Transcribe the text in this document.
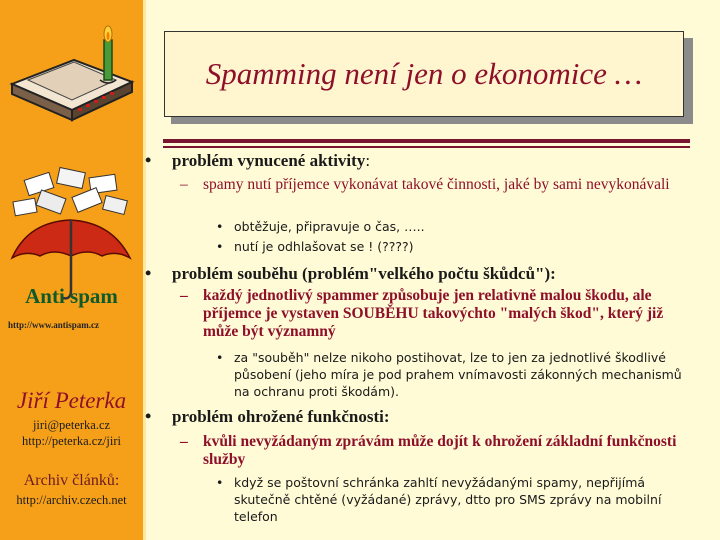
Anti spam
http://www.antispam.cz
Jiří Peterka
jiri@peterka.cz
http://peterka.cz/jiri
Archiv článků:
http://archiv.czech.net
Spamming není jen o ekonomice …
• problém vynucené aktivity:
– spamy nutí příjemce vykonávat takové činnosti, jaké by sami nevykonávali
• obtěžuje, připravuje o čas, …..
• nutí je odhlašovat se ! (????)
• problém souběhu (problém"velkého počtu škůdců"):
– každý jednotlivý spammer způsobuje jen relativně malou škodu, ale příjemce je vystaven SOUBĚHU takovýchto "malých škod", který již může být významný
• za "souběh" nelze nikoho postihovat, lze to jen za jednotlivé škodlivé působení (jeho míra je pod prahem vnímavosti zákonných mechanismů na ochranu proti škodám).
• problém ohrožené funkčnosti:
– kvůli nevyžádaným zprávám může dojít k ohrožení základní funkčnosti služby
• když se poštovní schránka zahltí nevyžádanými spamy, nepřijímá skutečně chtěné (vyžádané) zprávy, dtto pro SMS zprávy na mobilní telefon
